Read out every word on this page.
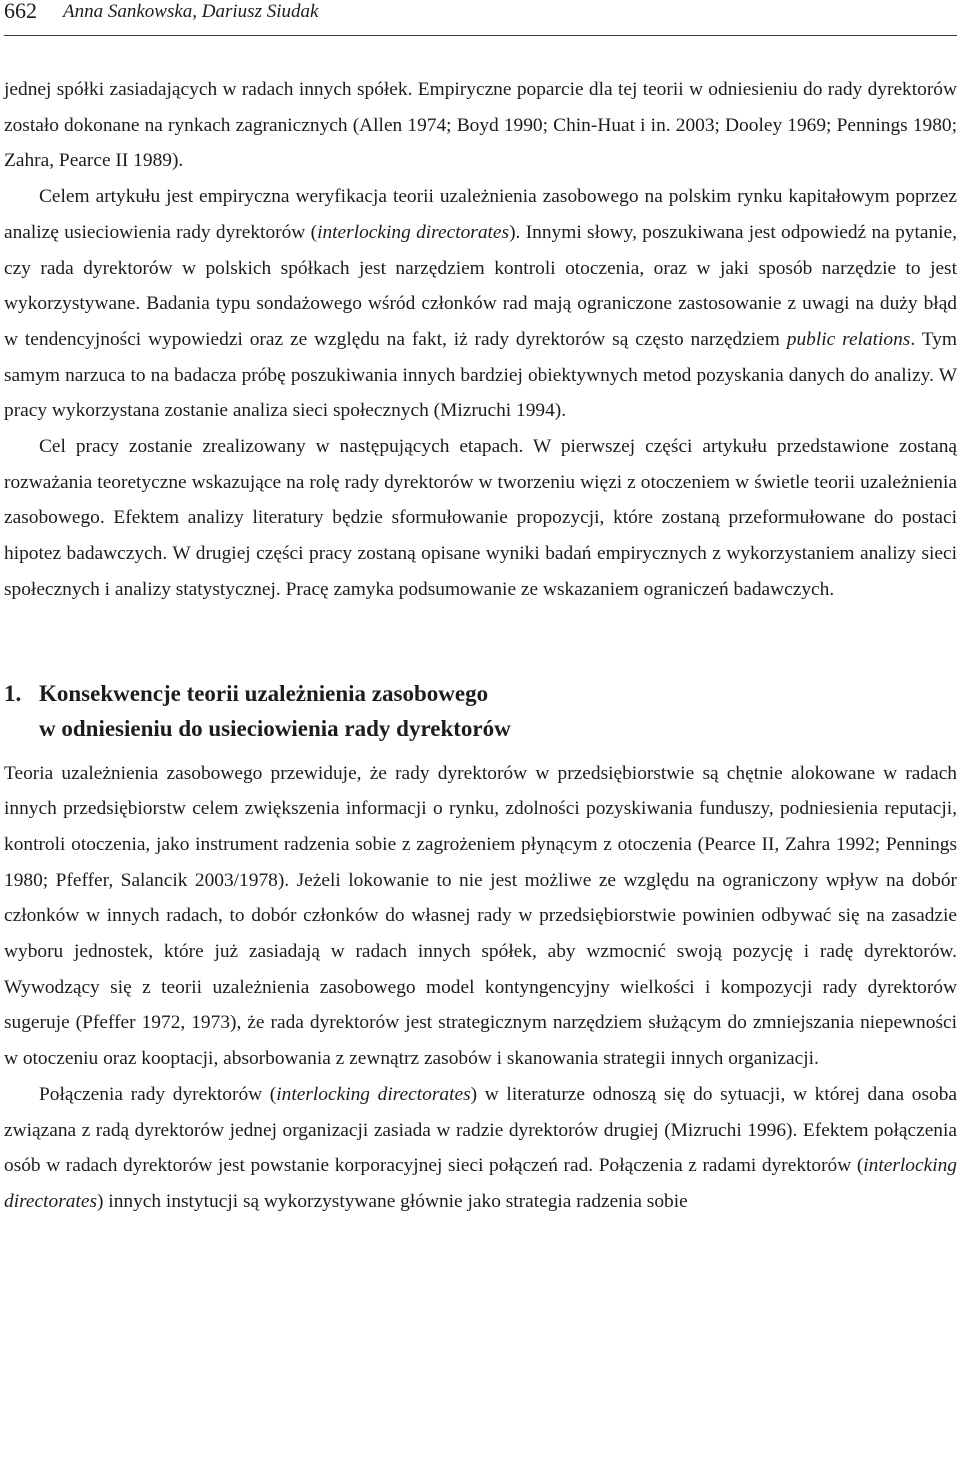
662 Anna Sankowska, Dariusz Siudak

jednej spółki zasiadających w radach innych spółek. Empiryczne poparcie dla tej teorii w odniesieniu do rady dyrektorów zostało dokonane na rynkach zagranicznych (Allen 1974; Boyd 1990; Chin-Huat i in. 2003; Dooley 1969; Pennings 1980; Zahra, Pearce II 1989).

Celem artykułu jest empiryczna weryfikacja teorii uzależnienia zasobowego na polskim rynku kapitałowym poprzez analizę usieciowienia rady dyrektorów (interlocking directorates). Innymi słowy, poszukiwana jest odpowiedź na pytanie, czy rada dyrektorów w polskich spółkach jest narzędziem kontroli otoczenia, oraz w jaki sposób narzędzie to jest wykorzystywane. Badania typu sondażowego wśród członków rad mają ograniczone zastosowanie z uwagi na duży błąd w tendencyjności wypowiedzi oraz ze względu na fakt, iż rady dyrektorów są często narzędziem public relations. Tym samym narzuca to na badacza próbę poszukiwania innych bardziej obiektywnych metod pozyskania danych do analizy. W pracy wykorzystana zostanie analiza sieci społecznych (Mizruchi 1994).

Cel pracy zostanie zrealizowany w następujących etapach. W pierwszej części artykułu przedstawione zostaną rozważania teoretyczne wskazujące na rolę rady dyrektorów w tworzeniu więzi z otoczeniem w świetle teorii uzależnienia zasobowego. Efektem analizy literatury będzie sformułowanie propozycji, które zostaną przeformułowane do postaci hipotez badawczych. W drugiej części pracy zostaną opisane wyniki badań empirycznych z wykorzystaniem analizy sieci społecznych i analizy statystycznej. Pracę zamyka podsumowanie ze wskazaniem ograniczeń badawczych.

1. Konsekwencje teorii uzależnienia zasobowego
w odniesieniu do usieciowienia rady dyrektorów

Teoria uzależnienia zasobowego przewiduje, że rady dyrektorów w przedsiębiorstwie są chętnie alokowane w radach innych przedsiębiorstw celem zwiększenia informacji o rynku, zdolności pozyskiwania funduszy, podniesienia reputacji, kontroli otoczenia, jako instrument radzenia sobie z zagrożeniem płynącym z otoczenia (Pearce II, Zahra 1992; Pennings 1980; Pfeffer, Salancik 2003/1978). Jeżeli lokowanie to nie jest możliwe ze względu na ograniczony wpływ na dobór członków w innych radach, to dobór członków do własnej rady w przedsiębiorstwie powinien odbywać się na zasadzie wyboru jednostek, które już zasiadają w radach innych spółek, aby wzmocnić swoją pozycję i radę dyrektorów. Wywodzący się z teorii uzależnienia zasobowego model kontyngencyjny wielkości i kompozycji rady dyrektorów sugeruje (Pfeffer 1972, 1973), że rada dyrektorów jest strategicznym narzędziem służącym do zmniejszania niepewności w otoczeniu oraz kooptacji, absorbowania z zewnątrz zasobów i skanowania strategii innych organizacji.

Połączenia rady dyrektorów (interlocking directorates) w literaturze odnoszą się do sytuacji, w której dana osoba związana z radą dyrektorów jednej organizacji zasiada w radzie dyrektorów drugiej (Mizruchi 1996). Efektem połączenia osób w radach dyrektorów jest powstanie korporacyjnej sieci połączeń rad. Połączenia z radami dyrektorów (interlocking directorates) innych instytucji są wykorzystywane głównie jako strategia radzenia sobie
